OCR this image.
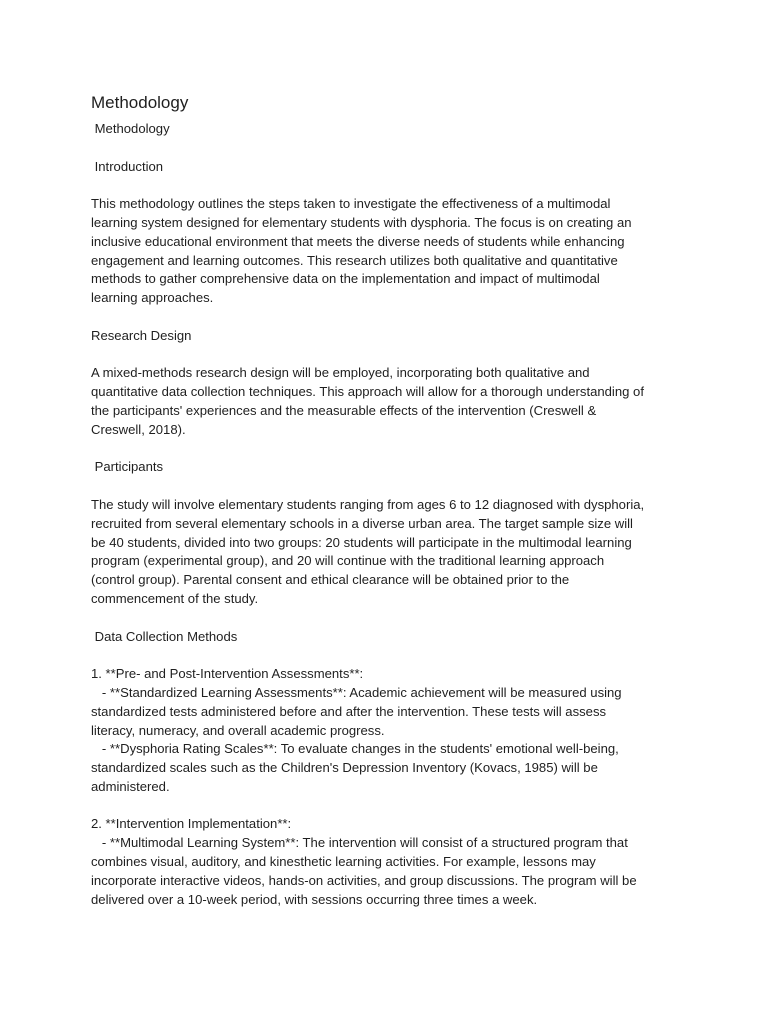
Methodology

Methodology

Introduction

This methodology outlines the steps taken to investigate the effectiveness of a multimodal
learning system designed for elementary students with dysphoria. The focus is on creating an
inclusive educational environment that meets the diverse needs of students while enhancing
engagement and learning outcomes. This research utilizes both qualitative and quantitative
methods to gather comprehensive data on the implementation and impact of multimodal
learning approaches.

Research Design

A mixed-methods research design will be employed, incorporating both qualitative and
quantitative data collection techniques. This approach will allow for a thorough understanding of
the participants' experiences and the measurable effects of the intervention (Creswell &
Creswell, 2018).

Participants

The study will involve elementary students ranging from ages 6 to 12 diagnosed with dysphoria,
recruited from several elementary schools in a diverse urban area. The target sample size will
be 40 students, divided into two groups: 20 students will participate in the multimodal learning
program (experimental group), and 20 will continue with the traditional learning approach
(control group). Parental consent and ethical clearance will be obtained prior to the
commencement of the study.

Data Collection Methods

1. **Pre- and Post-Intervention Assessments**:
- **Standardized Learning Assessments**: Academic achievement will be measured using
standardized tests administered before and after the intervention. These tests will assess
literacy, numeracy, and overall academic progress.
- **Dysphoria Rating Scales**: To evaluate changes in the students' emotional well-being,
standardized scales such as the Children's Depression Inventory (Kovacs, 1985) will be
administered.

2. **Intervention Implementation**:
- **Multimodal Learning System**: The intervention will consist of a structured program that
combines visual, auditory, and kinesthetic learning activities. For example, lessons may
incorporate interactive videos, hands-on activities, and group discussions. The program will be
delivered over a 10-week period, with sessions occurring three times a week.
